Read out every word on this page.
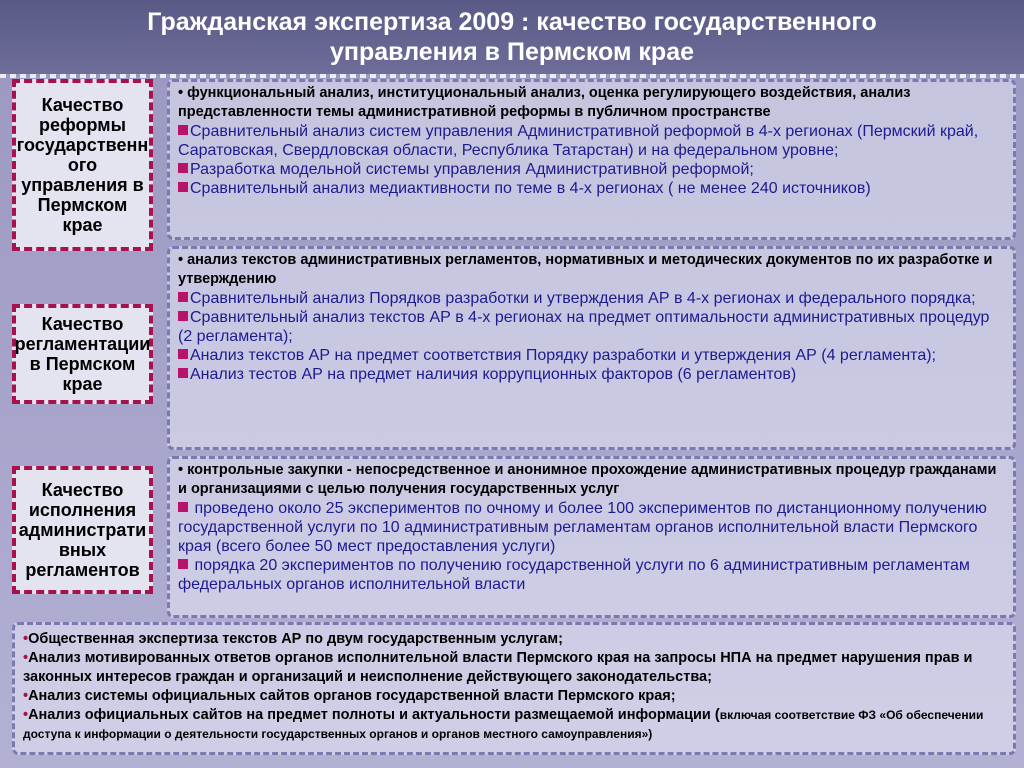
Гражданская экспертиза 2009 : качество государственного
управления в Пермском крае
Качество
реформы
государственн
ого
управления в
Пермском
крае

• функциональный анализ, институциональный анализ, оценка регулирующего воздействия, анализ представленности темы административной реформы в публичном пространстве

Сравнительный анализ систем управления Административной реформой в 4-х регионах (Пермский край, Саратовская, Свердловская области, Республика Татарстан) и на федеральном уровне;

Разработка модельной системы управления Административной реформой;

Сравнительный анализ медиактивности по теме в 4-х регионах ( не менее 240 источников)

Качество
регламентации
в Пермском
крае

• анализ текстов административных регламентов, нормативных и методических документов по их разработке и утверждению

Сравнительный анализ Порядков разработки и утверждения АР в 4-х регионах и федерального порядка;

Сравнительный анализ текстов АР в 4-х регионах на предмет оптимальности административных процедур (2 регламента);

Анализ текстов АР на предмет соответствия Порядку разработки и утверждения АР (4 регламента);

Анализ тестов АР на предмет наличия коррупционных факторов (6 регламентов)

Качество
исполнения
администрати
вных
регламентов

• контрольные закупки - непосредственное и анонимное прохождение административных процедур гражданами и организациями с целью получения государственных услуг

проведено около 25 экспериментов по очному и более 100 экспериментов по дистанционному получению государственной услуги по 10 административным регламентам органов исполнительной власти Пермского края (всего более 50 мест предоставления услуги)

порядка 20 экспериментов по получению государственной услуги по 6 административным регламентам федеральных органов исполнительной власти

•Общественная экспертиза текстов АР по двум государственным услугам;

•Анализ мотивированных ответов органов исполнительной власти Пермского края на запросы НПА на предмет нарушения прав и законных интересов граждан и организаций и неисполнение действующего законодательства;

•Анализ системы официальных сайтов органов государственной власти Пермского края;

•Анализ официальных сайтов на предмет полноты и актуальности размещаемой информации (включая соответствие ФЗ «Об обеспечении доступа к информации о деятельности государственных органов и органов местного самоуправления»)
